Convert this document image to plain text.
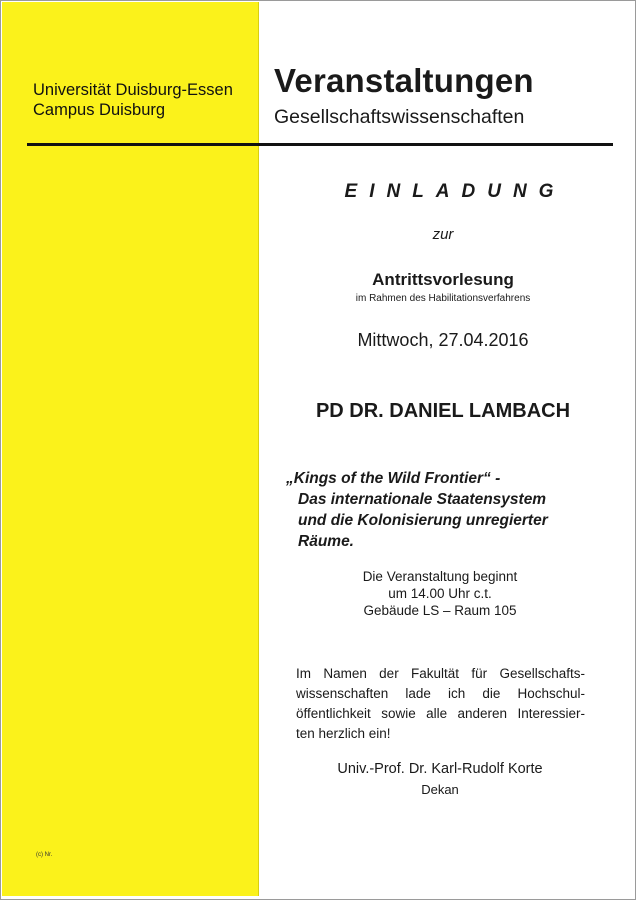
Universität Duisburg-Essen
Campus Duisburg
(c) Nr.
Veranstaltungen
Gesellschaftswissenschaften
EINLADUNG
zur
Antrittsvorlesung
im Rahmen des Habilitationsverfahrens
Mittwoch, 27.04.2016
PD DR. DANIEL LAMBACH
„Kings of the Wild Frontier“ -
Das internationale Staatensystem
und die Kolonisierung unregierter
Räume.
Die Veranstaltung beginnt
um 14.00 Uhr c.t.
Gebäude LS – Raum 105
Im Namen der Fakultät für Gesellschafts-
wissenschaften lade ich die Hochschul-
öffentlichkeit sowie alle anderen Interessier-
ten herzlich ein!
Univ.-Prof. Dr. Karl-Rudolf Korte
Dekan
